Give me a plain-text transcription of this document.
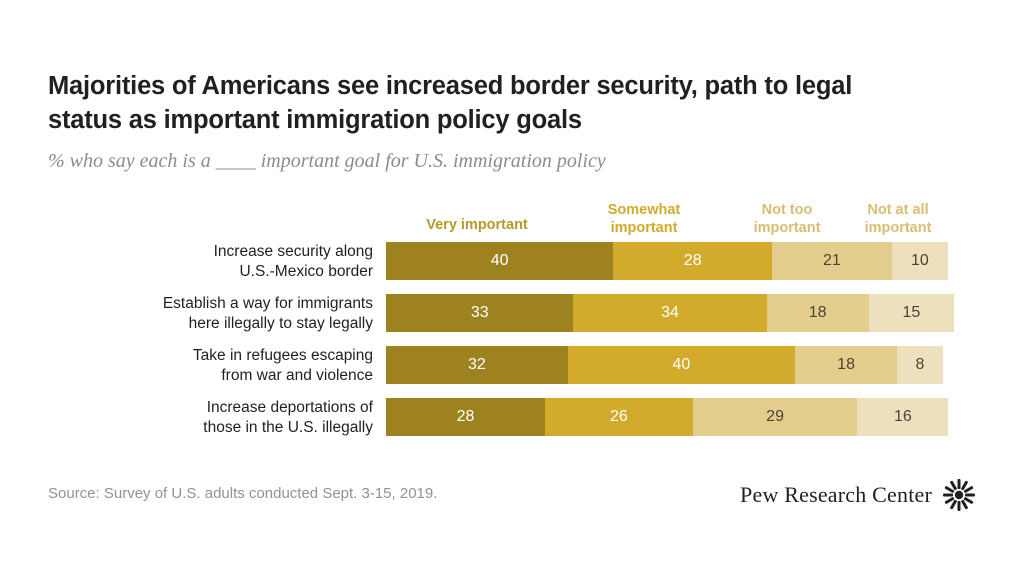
Majorities of Americans see increased border security, path to legal status as important immigration policy goals
% who say each is a ____ important goal for U.S. immigration policy
Very important
Somewhat
important
Not too
important
Not at all
important
Increase security along
U.S.-Mexico border
40	28	21	10
Establish a way for immigrants
here illegally to stay legally
33	34	18	15
Take in refugees escaping
from war and violence
32	40	18	8
Increase deportations of
those in the U.S. illegally
28	26	29	16
Source: Survey of U.S. adults conducted Sept. 3-15, 2019.	Pew Research Center
